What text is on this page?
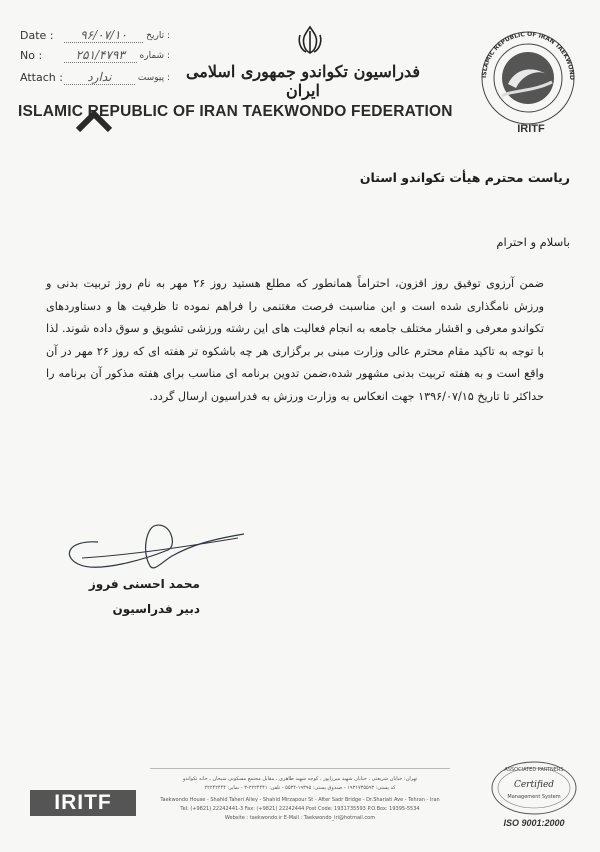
Date :	۹۶/۰۷/۱۰	تاریخ :
No :	۲۵۱/۴۷۹۳	شماره :
Attach :	ندارد	پیوست : فدراسیون تکواندو جمهوری اسلامی ایران
ISLAMIC REPUBLIC OF IRAN TAEKWONDO FEDERATION
ISLAMIC REPUBLIC OF IRAN TAEKWOND
IRITF
ریاست محترم هیأت تکواندو استان
باسلام و احترام

ضمن آرزوی توفیق روز افزون، احتراماً همانطور که مطلع هستید روز ۲۶ مهر به نام روز تربیت بدنی و ورزش نامگذاری شده است و این مناسبت فرصت مغتنمی را فراهم نموده تا ظرفیت ها و دستاوردهای تکواندو معرفی و اقشار مختلف جامعه به انجام فعالیت های این رشته ورزشی تشویق و سوق داده شوند. لذا با توجه به تاکید مقام محترم عالی وزارت مبنی بر برگزاری هر چه باشکوه تر هفته ای که روز ۲۶ مهر در آن واقع است و به هفته تربیت بدنی مشهور شده،ضمن تدوین برنامه ای مناسب برای هفته مذکور آن برنامه را حداکثر تا تاریخ ۱۳۹۶/۰۷/۱۵ جهت انعکاس به وزارت ورزش به فدراسیون ارسال گردد.

محمد احسنی فروز
دبیر فدراسیون
تهران: خیابان شریعتی ، خیابان شهید میرزاپور ، کوچه شهید طاهری ، مقابل مجتمع مسکونی سبحان ، خانه تکواندو
کد پستی: ۱۹۳۱۷۳۵۵۹۳ - صندوق پستی: ۱۹۳۹۵-۵۵۳۴ - تلفن: ۲۲۲۴۴۴۱-۳ - نمابر: ۲۲۲۴۲۴۴۴
Taekwondo House - Shahid Taheri Alley - Shahid Mirzapour St - After Sadr Bridge - Dr.Shariati Ave - Tehran - Iran
Tel: (+9821) 22242441-3 Fax: (+9821) 22242444 Post Code: 1931735593 P.O.Box: 19395-5534
Website : taekwondo.ir E-Mail : Taekwondo_iri@hotmail.com
IRITF
ASSOCIATED PARTNERS
Certified
Management System
ISO 9001:2000
